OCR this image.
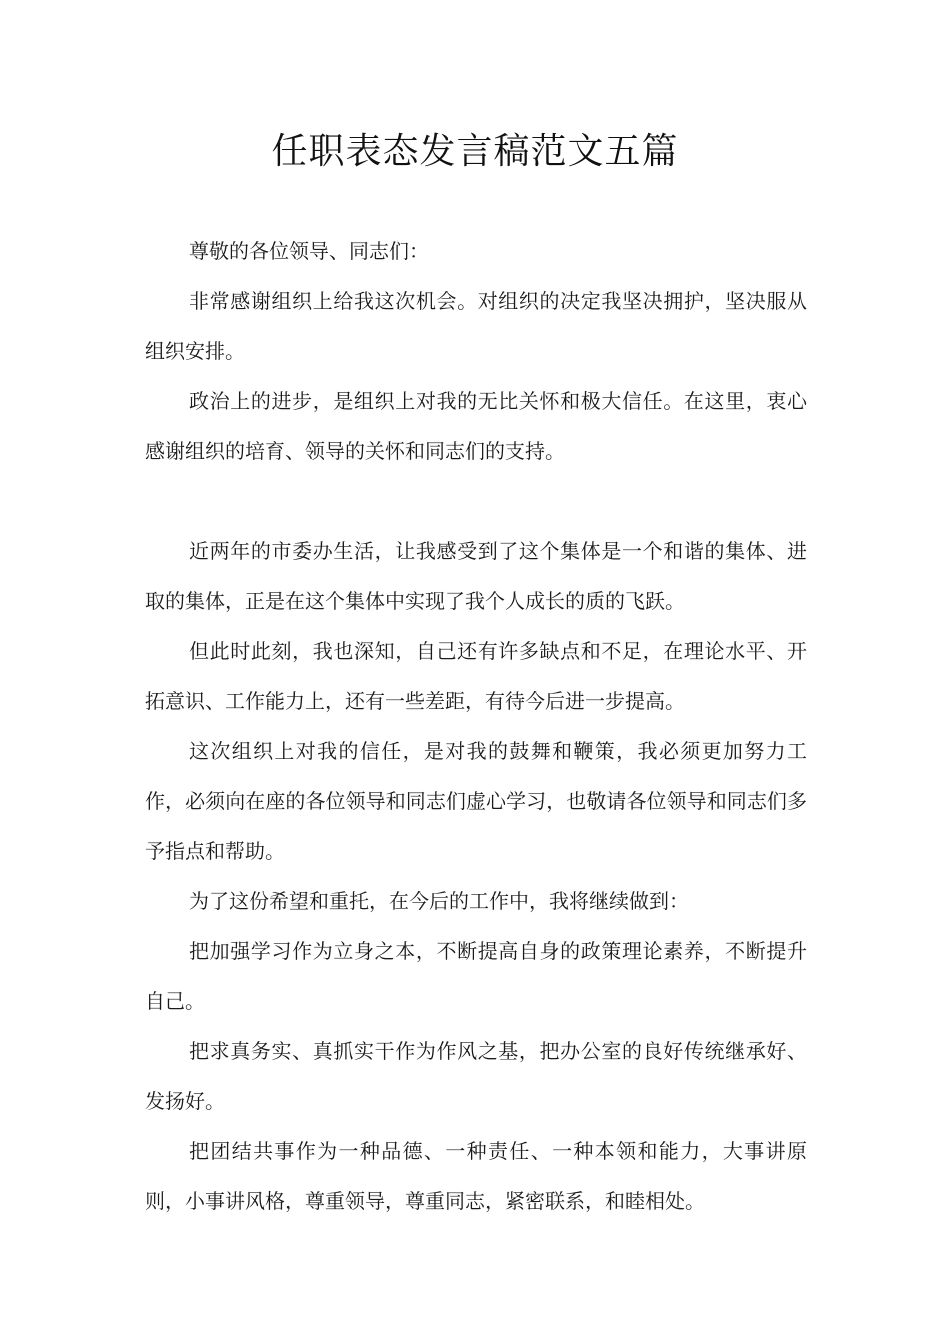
任职表态发言稿范文五篇

尊敬的各位领导、同志们：

非常感谢组织上给我这次机会。对组织的决定我坚决拥护，坚决服从组织安排。

政治上的进步，是组织上对我的无比关怀和极大信任。在这里，衷心感谢组织的培育、领导的关怀和同志们的支持。

近两年的市委办生活，让我感受到了这个集体是一个和谐的集体、进取的集体，正是在这个集体中实现了我个人成长的质的飞跃。

但此时此刻，我也深知，自己还有许多缺点和不足，在理论水平、开拓意识、工作能力上，还有一些差距，有待今后进一步提高。

这次组织上对我的信任，是对我的鼓舞和鞭策，我必须更加努力工作，必须向在座的各位领导和同志们虚心学习，也敬请各位领导和同志们多予指点和帮助。

为了这份希望和重托，在今后的工作中，我将继续做到：

把加强学习作为立身之本，不断提高自身的政策理论素养，不断提升自己。

把求真务实、真抓实干作为作风之基，把办公室的良好传统继承好、发扬好。

把团结共事作为一种品德、一种责任、一种本领和能力，大事讲原则，小事讲风格，尊重领导，尊重同志，紧密联系，和睦相处。
